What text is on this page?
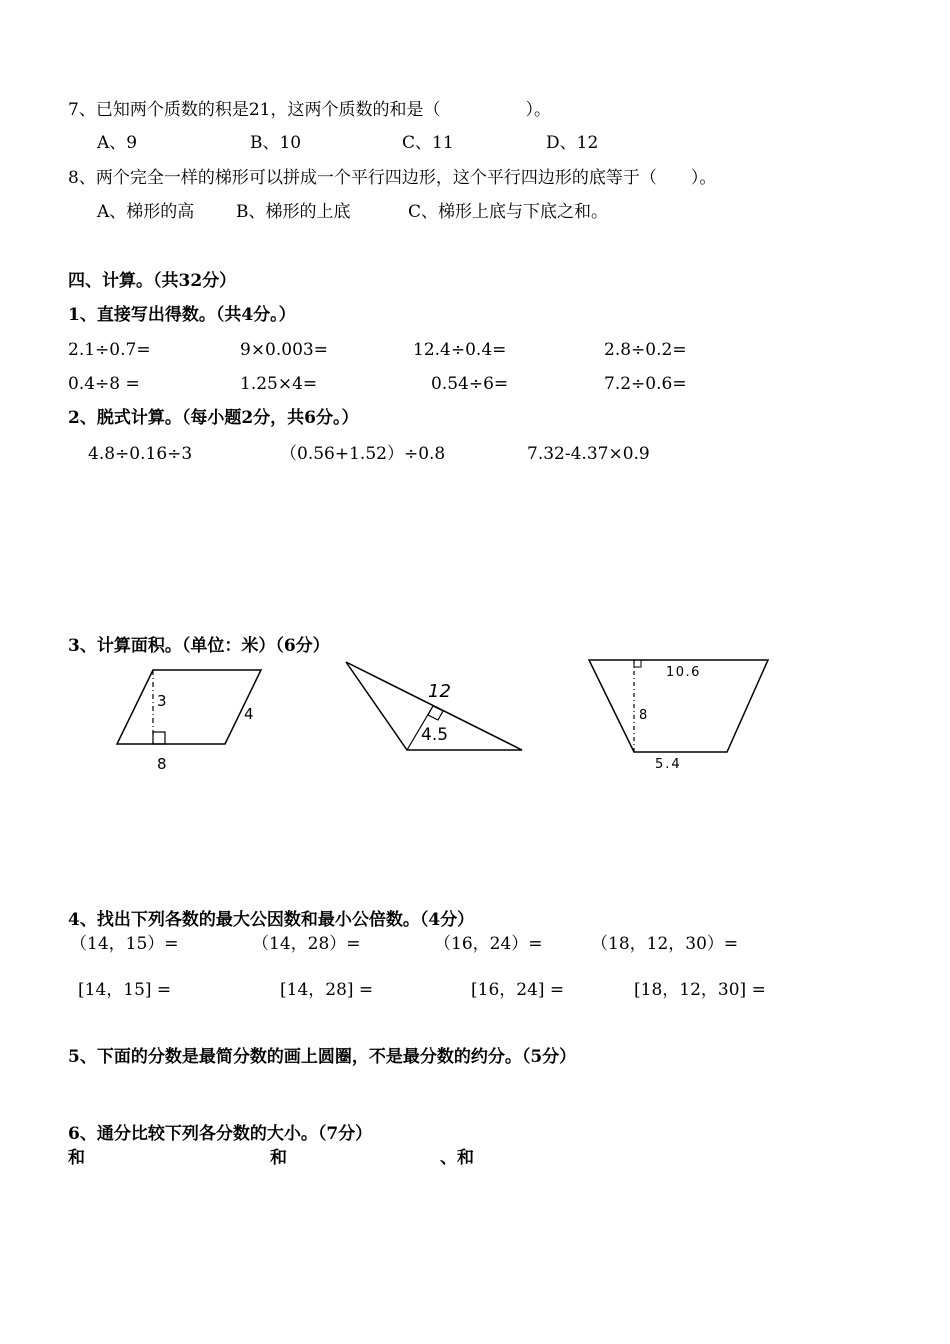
7、已知两个质数的积是21，这两个质数的和是（　　　　　）。
A、9	B、10	C、11	D、12
8、两个完全一样的梯形可以拼成一个平行四边形，这个平行四边形的底等于（　　）。
A、梯形的高 B、梯形的上底	C、梯形上底与下底之和。
四、计算。（共32分）
1、直接写出得数。（共4分。）
2.1÷0.7=	9×0.003=	12.4÷0.4=	2.8÷0.2=
0.4÷8 =	1.25×4=	0.54÷6=	7.2÷0.6=
2、脱式计算。（每小题2分，共6分。）
4.8÷0.16÷3	（0.56+1.52）÷0.8	7.32-4.37×0.9
3、计算面积。（单位：米）（6分）
3
4
8
12
4.5
10.6
8
5.4
4、找出下列各数的最大公因数和最小公倍数。（4分）
（14，15）=	（14，28）=	（16，24）=	（18，12，30）=
[14，15] =	[14，28] =	[16，24] =	[18，12，30] =
5、下面的分数是最简分数的画上圆圈，不是最分数的约分。（5分）
6、通分比较下列各分数的大小。（7分）
和	和	、和
